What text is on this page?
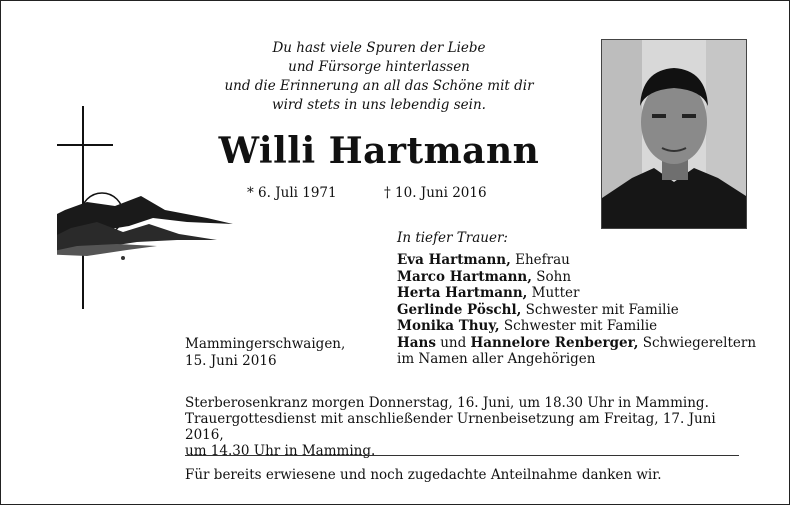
Du hast viele Spuren der Liebe
und Fürsorge hinterlassen
und die Erinnerung an all das Schöne mit dir
wird stets in uns lebendig sein.
Willi Hartmann
* 6. Juli 1971	† 10. Juni 2016
In tiefer Trauer:
Eva Hartmann, Ehefrau
Marco Hartmann, Sohn
Herta Hartmann, Mutter
Gerlinde Pöschl, Schwester mit Familie
Monika Thuy, Schwester mit Familie
Hans und Hannelore Renberger, Schwiegereltern
im Namen aller Angehörigen
Mammingerschwaigen,
15. Juni 2016
Sterberosenkranz morgen Donnerstag, 16. Juni, um 18.30 Uhr in Mamming.
Trauergottesdienst mit anschließender Urnenbeisetzung am Freitag, 17. Juni 2016,
um 14.30 Uhr in Mamming.
Für bereits erwiesene und noch zugedachte Anteilnahme danken wir.
